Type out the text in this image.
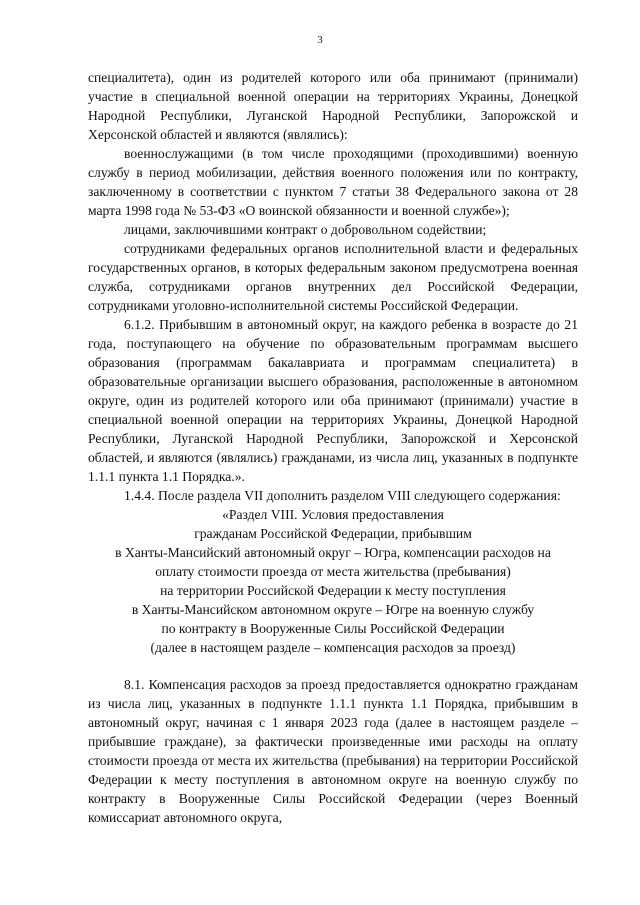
3

специалитета), один из родителей которого или оба принимают (принимали) участие в специальной военной операции на территориях Украины, Донецкой Народной Республики, Луганской Народной Республики, Запорожской и Херсонской областей и являются (являлись):

военнослужащими (в том числе проходящими (проходившими) военную службу в период мобилизации, действия военного положения или по контракту, заключенному в соответствии с пунктом 7 статьи 38 Федерального закона от 28 марта 1998 года № 53-ФЗ «О воинской обязанности и военной службе»);

лицами, заключившими контракт о добровольном содействии;

сотрудниками федеральных органов исполнительной власти и федеральных государственных органов, в которых федеральным законом предусмотрена военная служба, сотрудниками органов внутренних дел Российской Федерации, сотрудниками уголовно-исполнительной системы Российской Федерации.

6.1.2. Прибывшим в автономный округ, на каждого ребенка в возрасте до 21 года, поступающего на обучение по образовательным программам высшего образования (программам бакалавриата и программам специалитета) в образовательные организации высшего образования, расположенные в автономном округе, один из родителей которого или оба принимают (принимали) участие в специальной военной операции на территориях Украины, Донецкой Народной Республики, Луганской Народной Республики, Запорожской и Херсонской областей, и являются (являлись) гражданами, из числа лиц, указанных в подпункте 1.1.1 пункта 1.1 Порядка.».

1.4.4. После раздела VII дополнить разделом VIII следующего содержания:

«Раздел VIII. Условия предоставления

гражданам Российской Федерации, прибывшим

в Ханты-Мансийский автономный округ – Югра, компенсации расходов на

оплату стоимости проезда от места жительства (пребывания)

на территории Российской Федерации к месту поступления

в Ханты-Мансийском автономном округе – Югре на военную службу

по контракту в Вооруженные Силы Российской Федерации

(далее в настоящем разделе – компенсация расходов за проезд)

8.1. Компенсация расходов за проезд предоставляется однократно гражданам из числа лиц, указанных в подпункте 1.1.1 пункта 1.1 Порядка, прибывшим в автономный округ, начиная с 1 января 2023 года (далее в настоящем разделе – прибывшие граждане), за фактически произведенные ими расходы на оплату стоимости проезда от места их жительства (пребывания) на территории Российской Федерации к месту поступления в автономном округе на военную службу по контракту в Вооруженные Силы Российской Федерации (через Военный комиссариат автономного округа,
